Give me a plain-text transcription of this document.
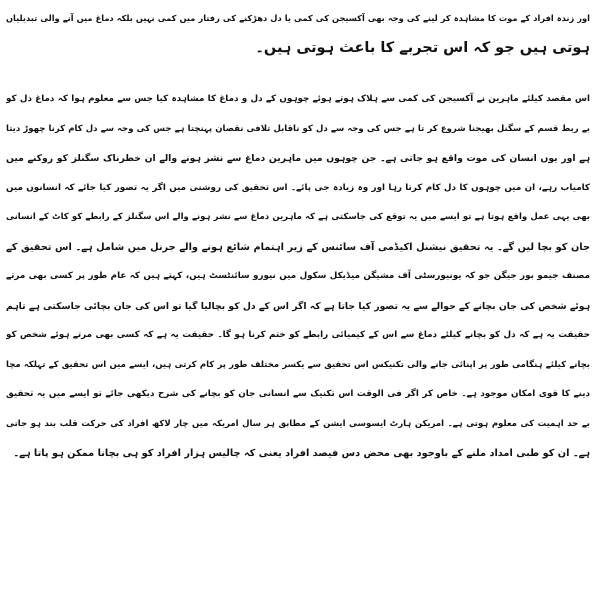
اور زندہ افراد کے موت کا مشاہدہ کر لینے کی وجہ بھی آکسیجن کی کمی یا دل دھڑکنے کی رفتار میں کمی نہیں بلکہ دماغ میں آنے والی تبدیلیاں
ہوتی ہیں جو کہ اس تجربے کا باعث ہوتی ہیں۔
اس مقصد کیلئے ماہرین نے آکسیجن کی کمی سے ہلاک ہوتے ہوئے چوہوں کے دل و دماغ کا مشاہدہ کیا جس سے معلوم ہوا کہ دماغ دل کو
بے ربط قسم کے سگنل بھیجنا شروع کر تا ہے جس کی وجہ سے دل کو ناقابل تلافی نقصان پہنچتا ہے جس کی وجہ سے دل کام کرنا چھوڑ دیتا
ہے اور یوں انسان کی موت واقع ہو جاتی ہے۔ جن چوہوں میں ماہرین دماغ سے نشر ہونے والے ان خطرناک سگنلز کو روکنے میں
کامیاب رہے، ان میں چوہوں کا دل کام کرتا رہا اور وہ زیادہ جی پائے۔ اس تحقیق کی روشنی میں اگر یہ تصور کیا جائے کہ انسانوں میں
بھی یہی عمل واقع ہوتا ہے تو ایسے میں یہ توقع کی جاسکتی ہے کہ ماہرین دماغ سے نشر ہونے والے اس سگنلز کے رابطے کو کاٹ کے انسانی
جان کو بچا لیں گے۔ یہ تحقیق نیشنل اکیڈمی آف سائنس کے زیر اہتمام شائع ہونے والے جرنل میں شامل ہے۔ اس تحقیق کے
مصنف جیمو بور جیگن جو کہ یونیورسٹی آف مشیگن میڈیکل سکول میں نیورو سائنٹسٹ ہیں، کہتے ہیں کہ عام طور پر کسی بھی مرتے
ہوئے شخص کی جان بچانے کے حوالے سے یہ تصور کیا جاتا ہے کہ اگر اس کے دل کو بچالیا گیا تو اس کی جان بچائی جاسکتی ہے تاہم
حقیقت یہ ہے کہ دل کو بچانے کیلئے دماغ سے اس کے کیمیائی رابطے کو ختم کرنا ہو گا۔ حقیقت یہ ہے کہ کسی بھی مرتے ہوئے شخص کو
بچانے کیلئے ہنگامی طور پر اپنائی جانے والی تکنیکس اس تحقیق سے یکسر مختلف طور پر کام کرتی ہیں، ایسے میں اس تحقیق کے تہلکہ مچا
دینے کا قوی امکان موجود ہے۔ خاص کر اگر فی الوقت اس تکنیک سے انسانی جان کو بچانے کی شرح دیکھی جائے تو ایسے میں یہ تحقیق
بے حد اہمیت کی معلوم ہوتی ہے۔ امریکن ہارٹ ایسوسی ایشن کے مطابق ہر سال امریکہ میں چار لاکھ افراد کی حرکت قلب بند ہو جاتی
ہے۔ ان کو طبی امداد ملنے کے باوجود بھی محض دس فیصد افراد یعنی کہ چالیس ہزار افراد کو ہی بچانا ممکن ہو پاتا ہے۔
